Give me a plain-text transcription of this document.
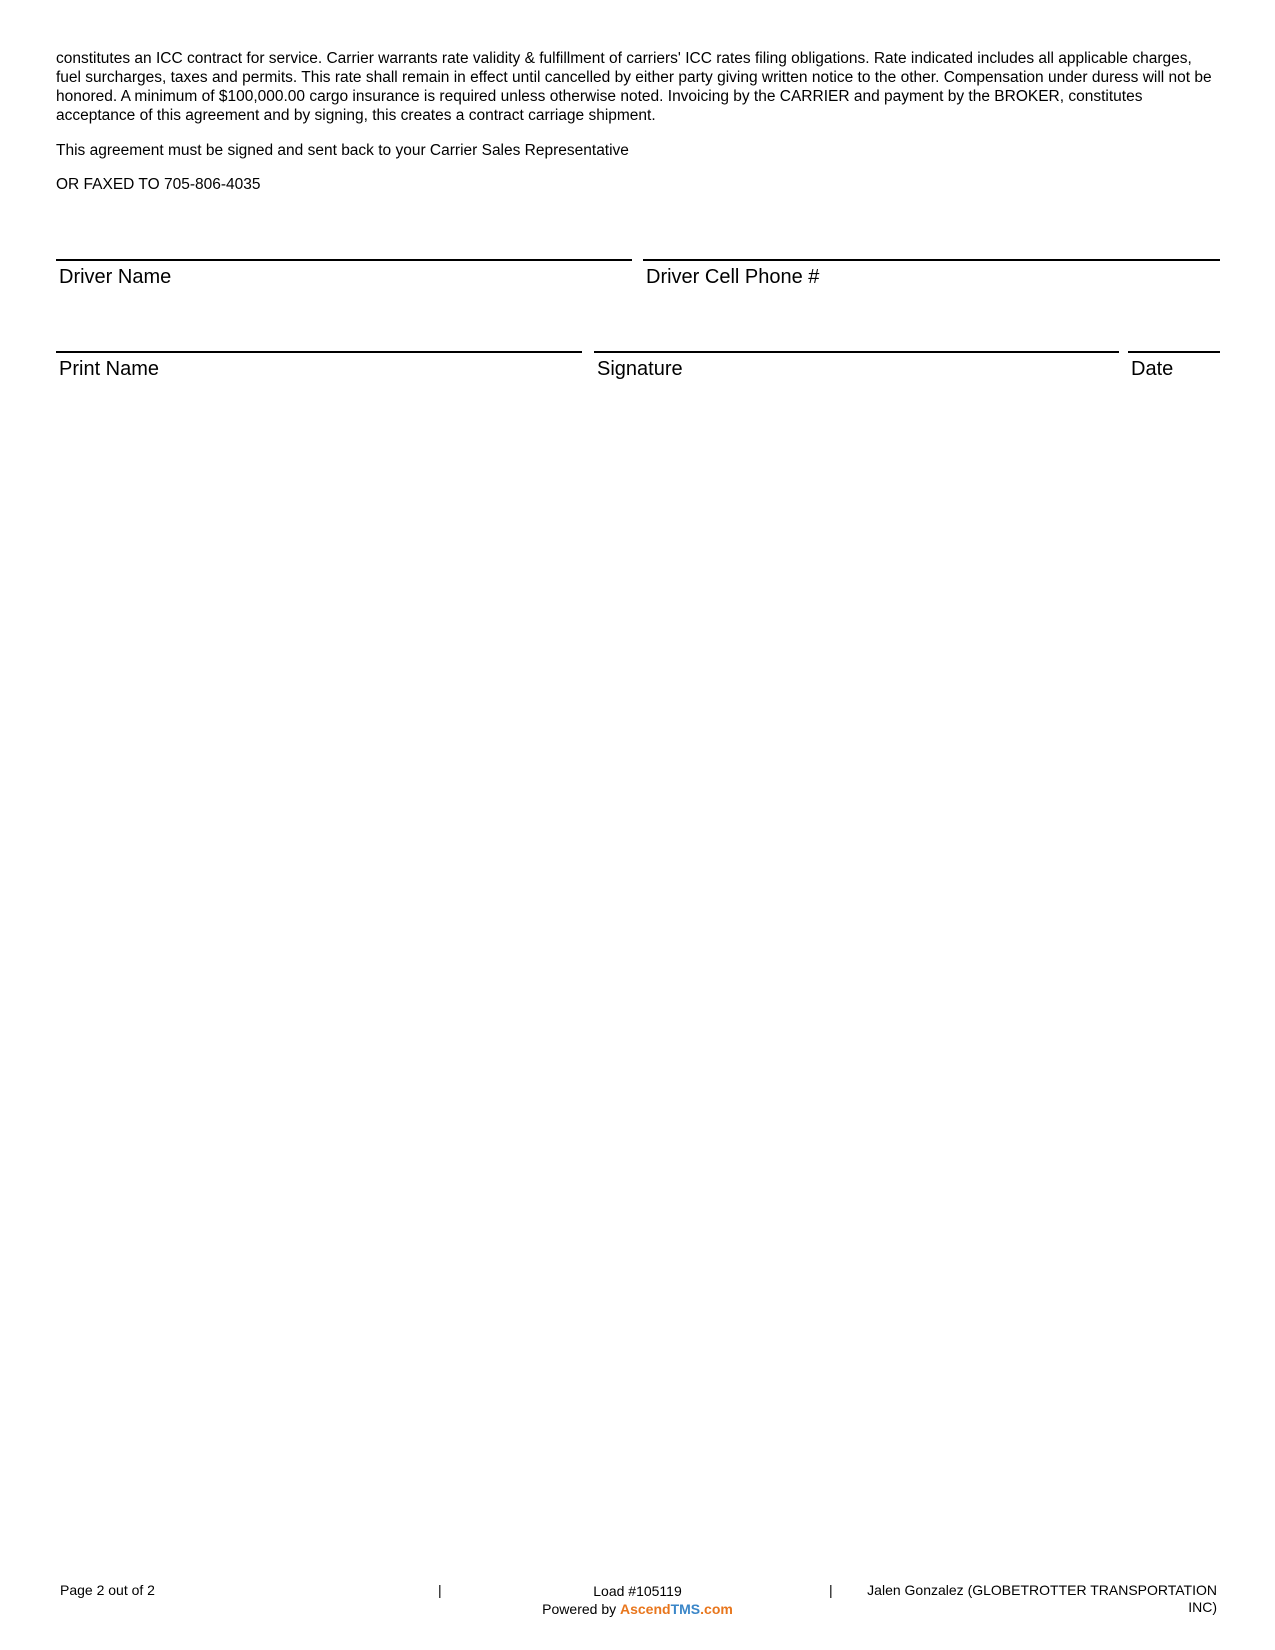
constitutes an ICC contract for service. Carrier warrants rate validity & fulfillment of carriers' ICC rates filing obligations. Rate indicated includes all applicable charges, fuel surcharges, taxes and permits. This rate shall remain in effect until cancelled by either party giving written notice to the other. Compensation under duress will not be honored. A minimum of $100,000.00 cargo insurance is required unless otherwise noted. Invoicing by the CARRIER and payment by the BROKER, constitutes acceptance of this agreement and by signing, this creates a contract carriage shipment.

This agreement must be signed and sent back to your Carrier Sales Representative

OR FAXED TO 705-806-4035

Driver Name	Driver Cell Phone #
Print Name	Signature	Date
Page 2 out of 2	|	Load #105119
Powered by AscendTMS.com
|	Jalen Gonzalez (GLOBETROTTER TRANSPORTATION INC)
